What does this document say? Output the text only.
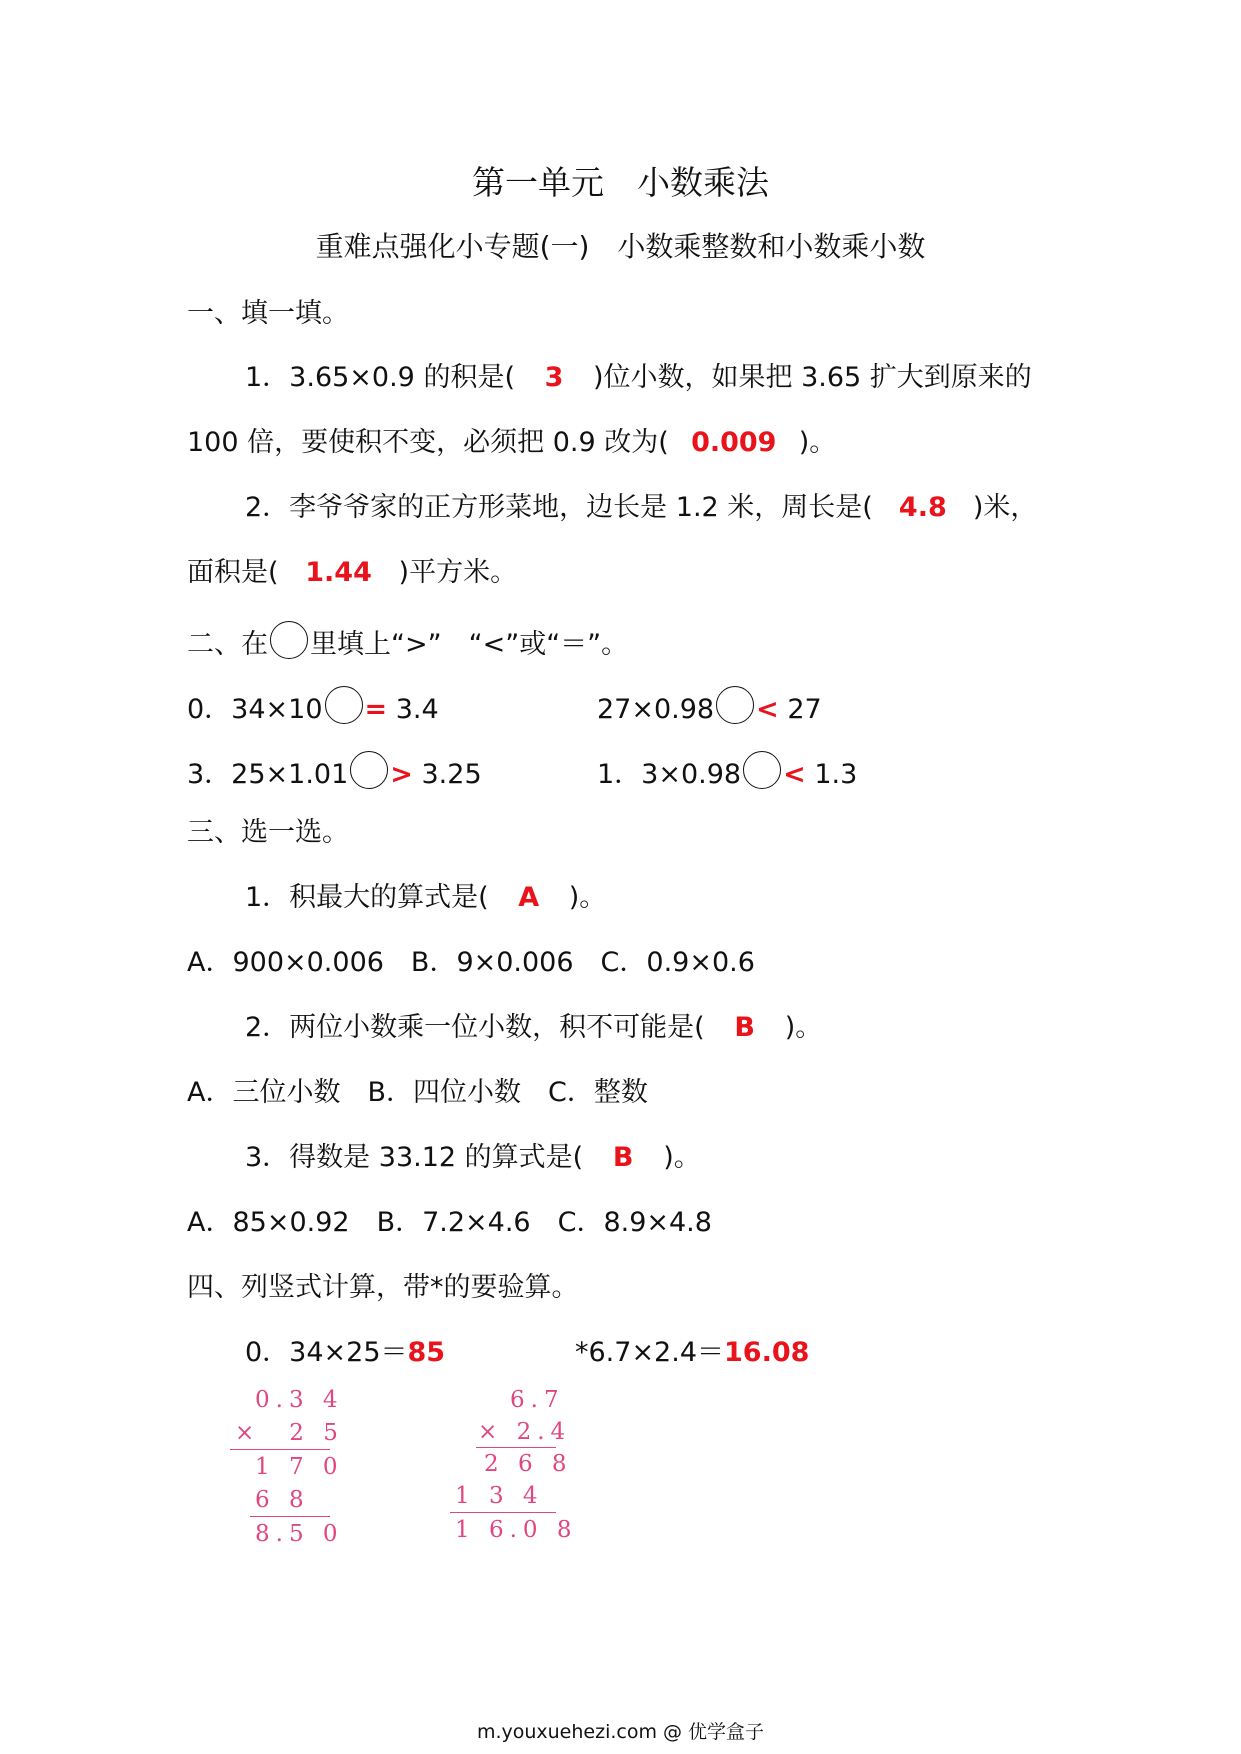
第一单元　小数乘法
重难点强化小专题(一)　小数乘整数和小数乘小数
一、填一填。
1．3.65×0.9 的积是( 3 )位小数，如果把 3.65 扩大到原来的
100 倍，要使积不变，必须把 0.9 改为( 0.009 )。
2．李爷爷家的正方形菜地，边长是 1.2 米，周长是( 4.8 )米，
面积是( 1.44 )平方米。
二、在 里填上“>”　“<”或“＝”。
0．34×10 = 3.4	27×0.98 < 27
3．25×1.01 > 3.25	1．3×0.98 < 1.3
三、选一选。
1．积最大的算式是( A )。
A．900×0.006　B．9×0.006　C．0.9×0.6
2．两位小数乘一位小数，积不可能是( B )。
A．三位小数　B．四位小数　C．整数
3．得数是 33.12 的算式是( B )。
A．85×0.92　B．7.2×4.6　C．8.9×4.8
四、列竖式计算，带*的要验算。
0．34×25＝85	*6.7×2.4＝16.08
0.3 4
×　2 5
1 7 0
6 8
8.5 0
6.7
× 2.4
2 6 8
1 3 4
1 6.0 8
m.youxuehezi.com @ 优学盒子
